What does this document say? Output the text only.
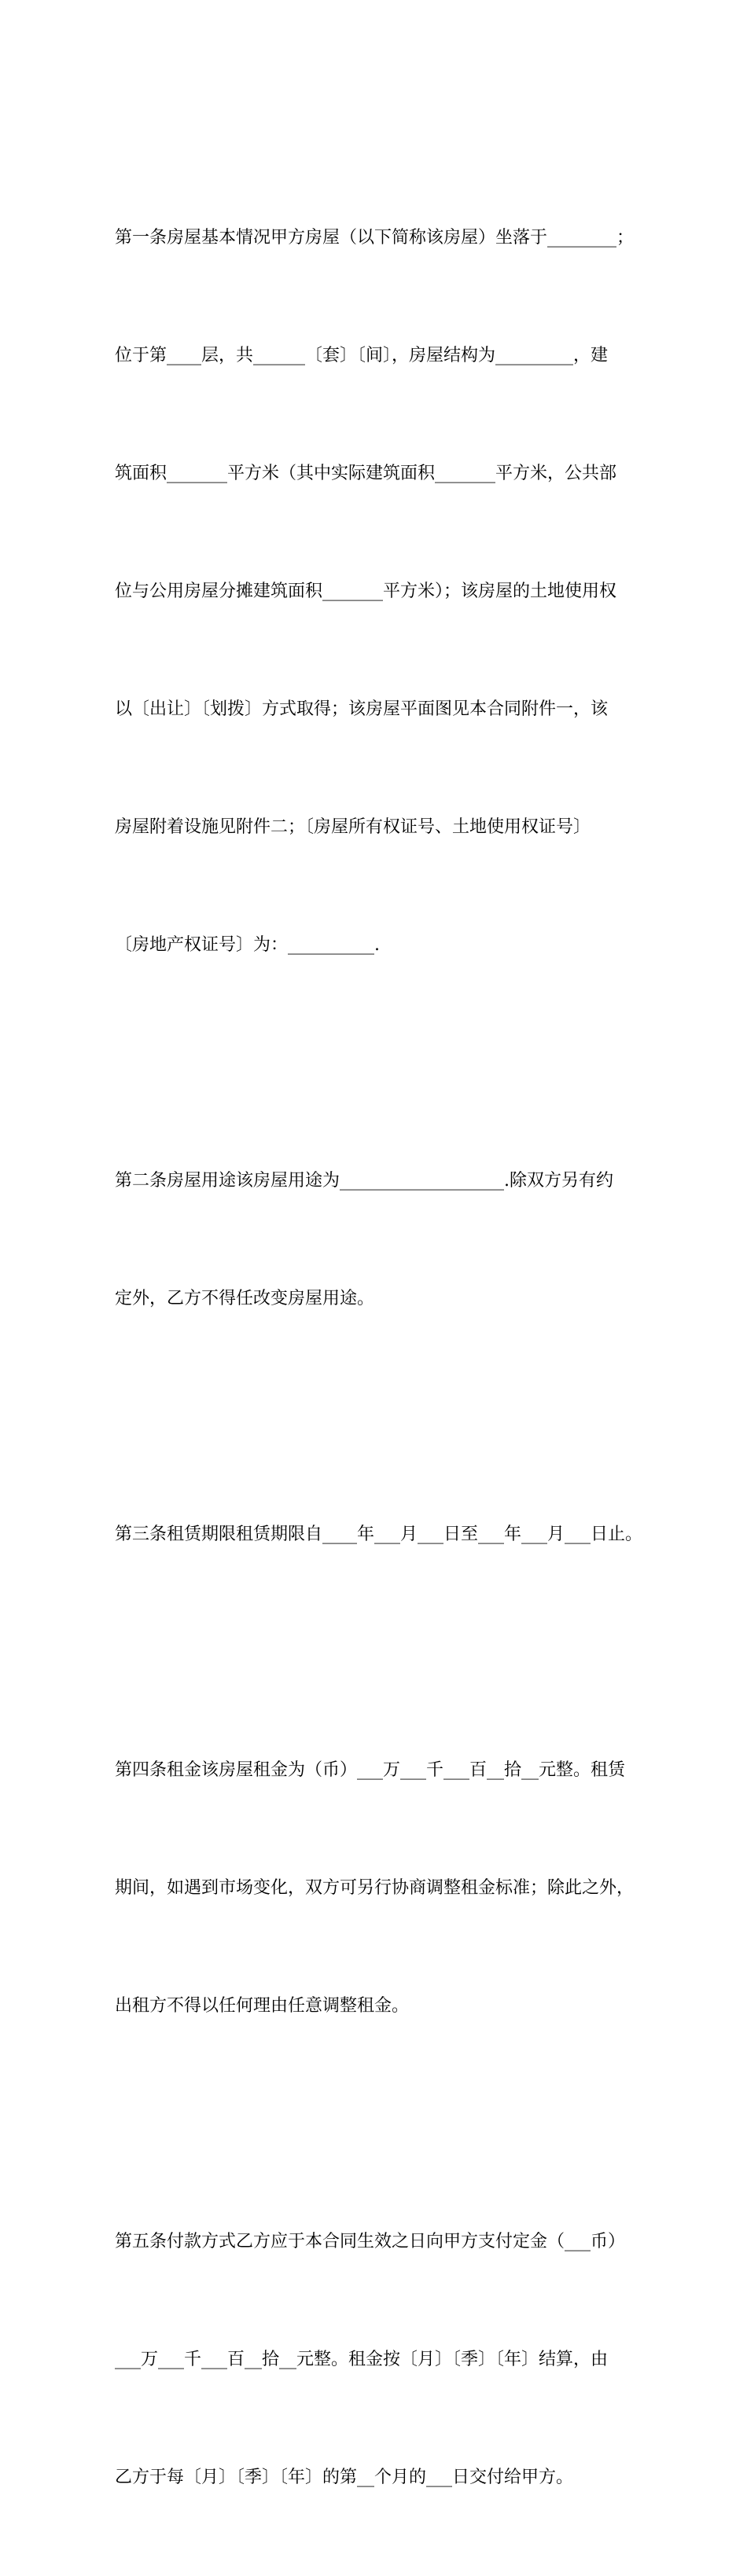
第一条房屋基本情况甲方房屋（以下简称该房屋）坐落于________；

位于第____层，共______〔套〕〔间〕，房屋结构为_________，建

筑面积_______平方米（其中实际建筑面积_______平方米，公共部

位与公用房屋分摊建筑面积_______平方米）；该房屋的土地使用权

以〔出让〕〔划拨〕方式取得；该房屋平面图见本合同附件一，该

房屋附着设施见附件二；〔房屋所有权证号、土地使用权证号〕

〔房地产权证号〕为：__________.

第二条房屋用途该房屋用途为___________________.除双方另有约

定外，乙方不得任改变房屋用途。

第三条租赁期限租赁期限自____年___月___日至___年___月___日止。

第四条租金该房屋租金为（币）___万___千___百__拾__元整。租赁

期间，如遇到市场变化，双方可另行协商调整租金标准；除此之外，

出租方不得以任何理由任意调整租金。

第五条付款方式乙方应于本合同生效之日向甲方支付定金（___币）

___万___千___百__拾__元整。租金按〔月〕〔季〕〔年〕结算，由

乙方于每〔月〕〔季〕〔年〕的第__个月的___日交付给甲方。
